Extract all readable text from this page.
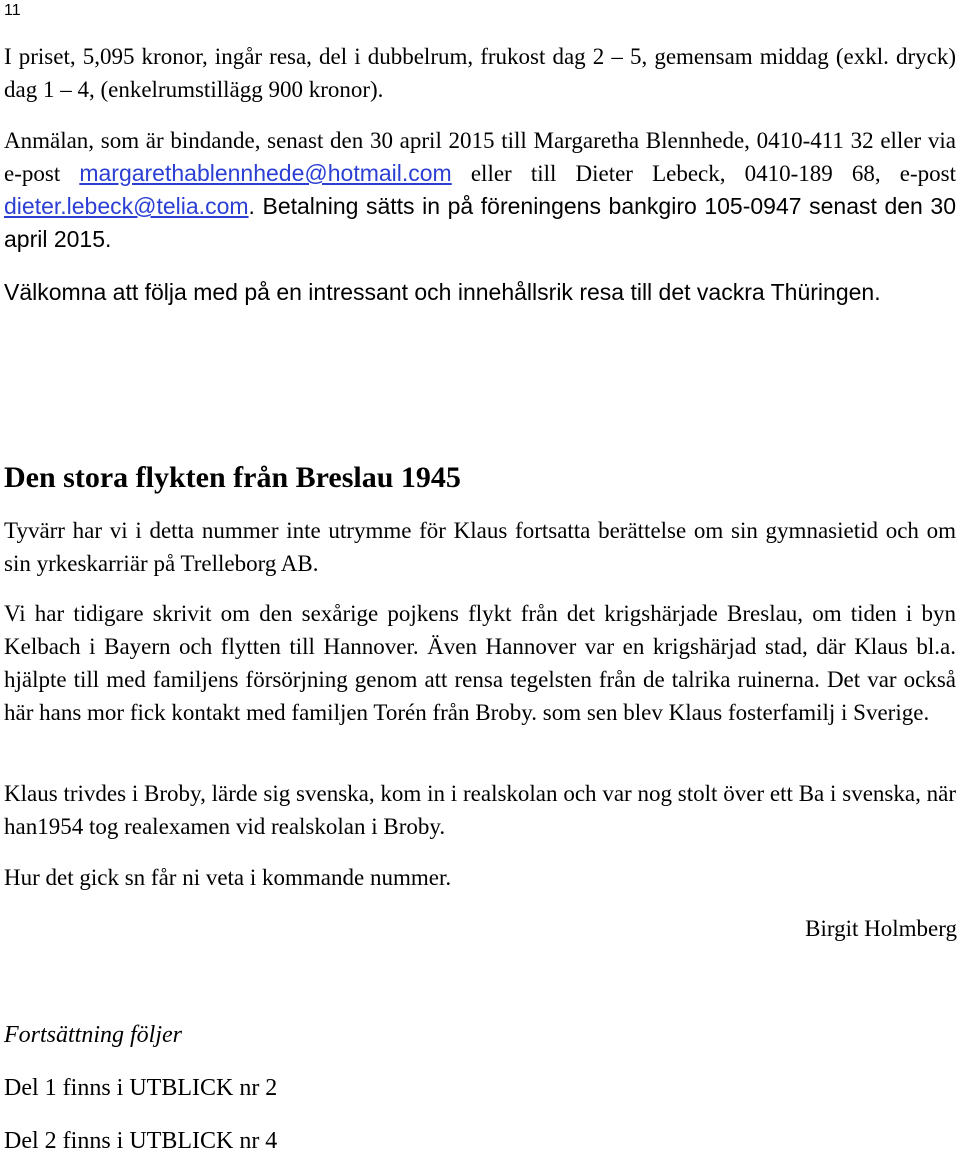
11

I priset, 5,095 kronor, ingår resa, del i dubbelrum, frukost dag 2 – 5, gemensam middag (exkl. dryck) dag 1 – 4, (enkelrumstillägg 900 kronor).

Anmälan, som är bindande, senast den 30 april 2015 till Margaretha Blennhede, 0410-411 32 eller via e-post margarethablennhede@hotmail.com eller till Dieter Lebeck, 0410-189 68, e-post dieter.lebeck@telia.com. Betalning sätts in på föreningens bankgiro 105-0947 senast den 30 april 2015.

Välkomna att följa med på en intressant och innehållsrik resa till det vackra Thüringen.

Den stora flykten från Breslau 1945

Tyvärr har vi i detta nummer inte utrymme för Klaus fortsatta berättelse om sin gymnasietid och om sin yrkeskarriär på Trelleborg AB.

Vi har tidigare skrivit om den sexårige pojkens flykt från det krigshärjade Breslau, om tiden i byn Kelbach i Bayern och flytten till Hannover. Även Hannover var en krigshärjad stad, där Klaus bl.a. hjälpte till med familjens försörjning genom att rensa tegelsten från de talrika ruinerna. Det var också här hans mor fick kontakt med familjen Torén från Broby. som sen blev Klaus fosterfamilj i Sverige.

Klaus trivdes i Broby, lärde sig svenska, kom in i realskolan och var nog stolt över ett Ba i svenska, när han1954 tog realexamen vid realskolan i Broby.

Hur det gick sn får ni veta i kommande nummer.

Birgit Holmberg

Fortsättning följer

Del 1 finns i UTBLICK nr 2

Del 2 finns i UTBLICK nr 4
